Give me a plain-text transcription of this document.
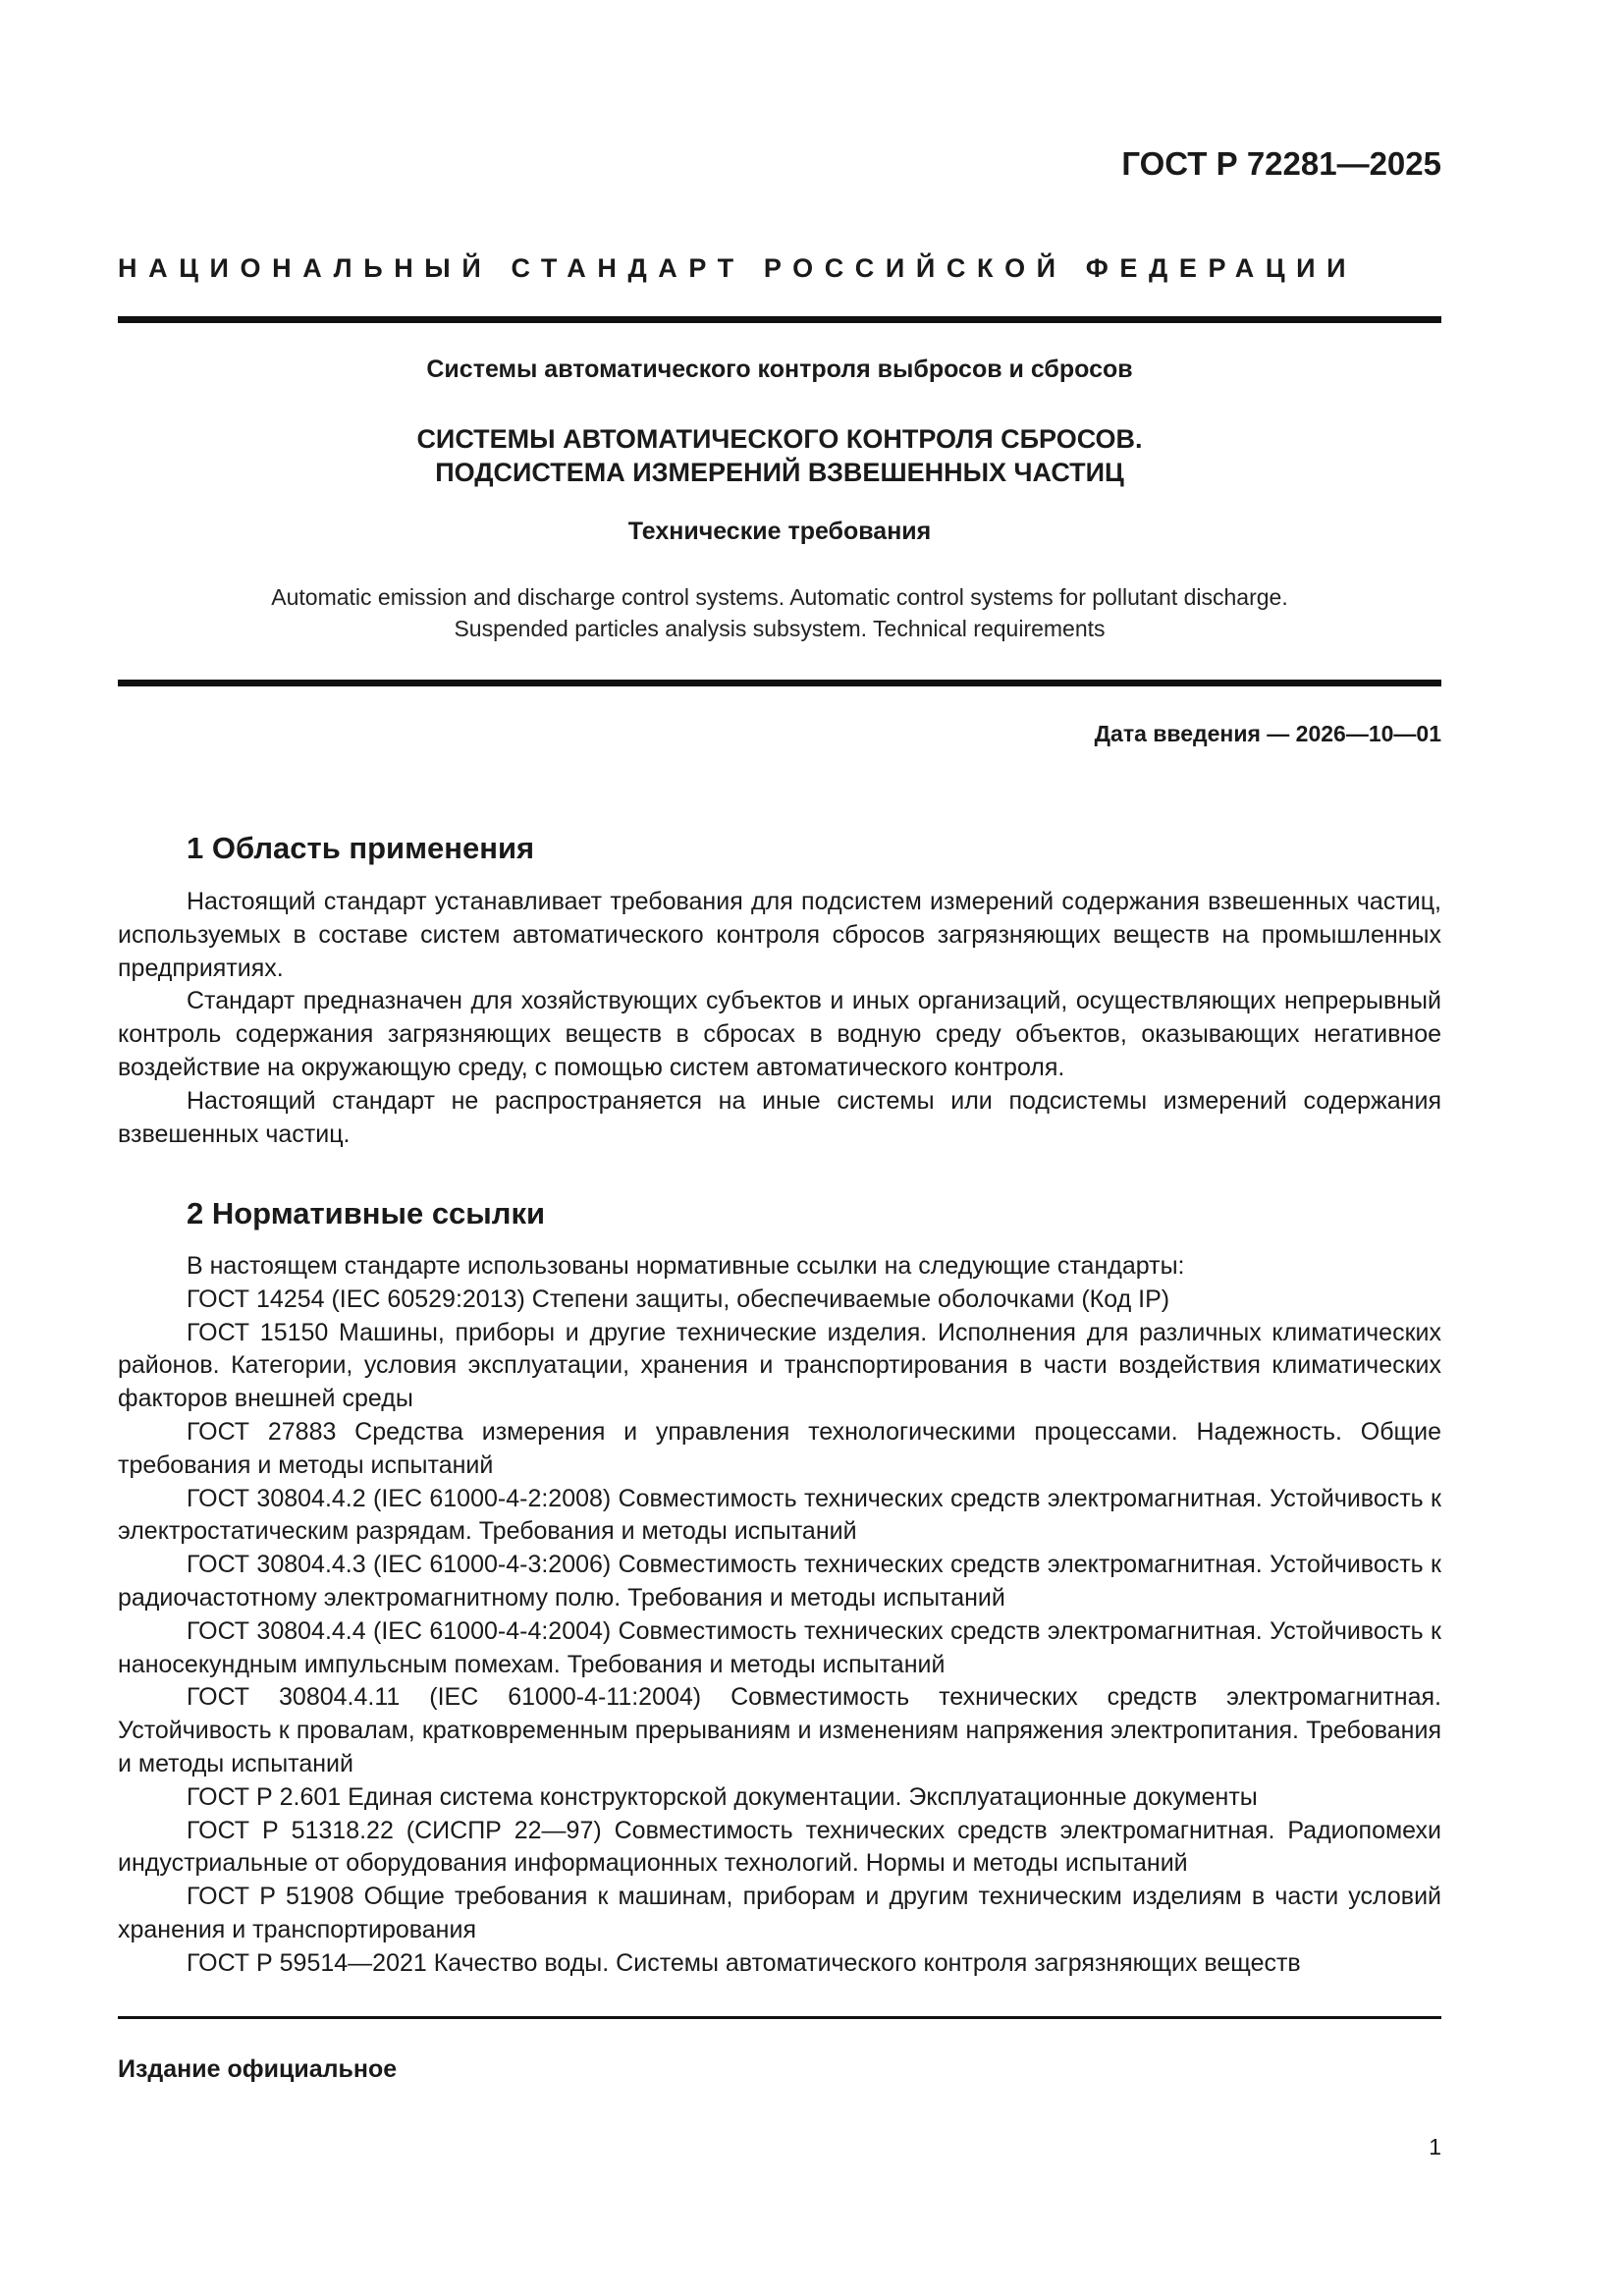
ГОСТ Р 72281—2025
НАЦИОНАЛЬНЫЙ СТАНДАРТ РОССИЙСКОЙ ФЕДЕРАЦИИ
Системы автоматического контроля выбросов и сбросов
СИСТЕМЫ АВТОМАТИЧЕСКОГО КОНТРОЛЯ СБРОСОВ.
ПОДСИСТЕМА ИЗМЕРЕНИЙ ВЗВЕШЕННЫХ ЧАСТИЦ
Технические требования
Automatic emission and discharge control systems. Automatic control systems for pollutant discharge.
Suspended particles analysis subsystem. Technical requirements
Дата введения — 2026—10—01
1 Область применения

Настоящий стандарт устанавливает требования для подсистем измерений содержания взвешенных частиц, используемых в составе систем автоматического контроля сбросов загрязняющих веществ на промышленных предприятиях.

Стандарт предназначен для хозяйствующих субъектов и иных организаций, осуществляющих непрерывный контроль содержания загрязняющих веществ в сбросах в водную среду объектов, оказывающих негативное воздействие на окружающую среду, с помощью систем автоматического контроля.

Настоящий стандарт не распространяется на иные системы или подсистемы измерений содержания взвешенных частиц.

2 Нормативные ссылки

В настоящем стандарте использованы нормативные ссылки на следующие стандарты:

ГОСТ 14254 (IEC 60529:2013) Степени защиты, обеспечиваемые оболочками (Код IP)

ГОСТ 15150 Машины, приборы и другие технические изделия. Исполнения для различных климатических районов. Категории, условия эксплуатации, хранения и транспортирования в части воздействия климатических факторов внешней среды

ГОСТ 27883 Средства измерения и управления технологическими процессами. Надежность. Общие требования и методы испытаний

ГОСТ 30804.4.2 (IEC 61000-4-2:2008) Совместимость технических средств электромагнитная. Устойчивость к электростатическим разрядам. Требования и методы испытаний

ГОСТ 30804.4.3 (IEC 61000-4-3:2006) Совместимость технических средств электромагнитная. Устойчивость к радиочастотному электромагнитному полю. Требования и методы испытаний

ГОСТ 30804.4.4 (IEC 61000-4-4:2004) Совместимость технических средств электромагнитная. Устойчивость к наносекундным импульсным помехам. Требования и методы испытаний

ГОСТ 30804.4.11 (IEC 61000-4-11:2004) Совместимость технических средств электромагнитная. Устойчивость к провалам, кратковременным прерываниям и изменениям напряжения электропитания. Требования и методы испытаний

ГОСТ Р 2.601 Единая система конструкторской документации. Эксплуатационные документы

ГОСТ Р 51318.22 (СИСПР 22—97) Совместимость технических средств электромагнитная. Радиопомехи индустриальные от оборудования информационных технологий. Нормы и методы испытаний

ГОСТ Р 51908 Общие требования к машинам, приборам и другим техническим изделиям в части условий хранения и транспортирования

ГОСТ Р 59514—2021 Качество воды. Системы автоматического контроля загрязняющих веществ

Издание официальное
1
